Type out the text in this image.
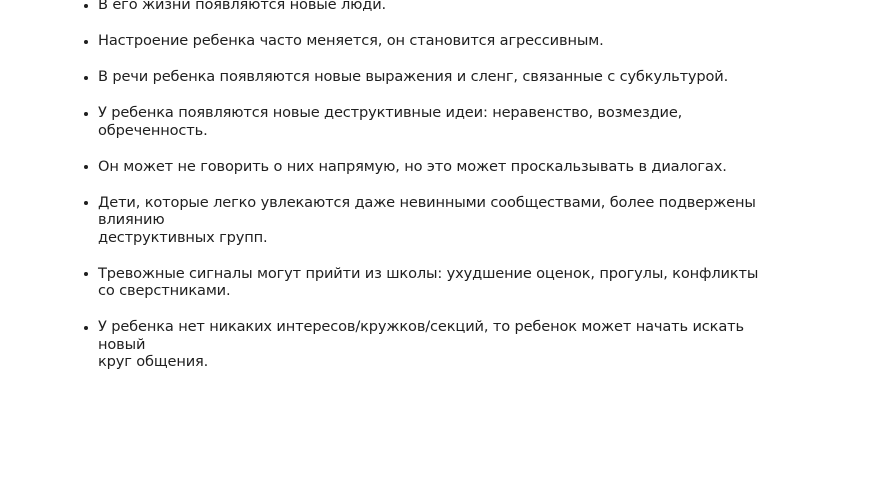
В его жизни появляются новые люди.
Настроение ребенка часто меняется, он становится агрессивным.
В речи ребенка появляются новые выражения и сленг, связанные с субкультурой.
У ребенка появляются новые деструктивные идеи: неравенство, возмездие, обреченность.
Он может не говорить о них напрямую, но это может проскальзывать в диалогах.
Дети, которые легко увлекаются даже невинными сообществами, более подвержены влиянию
деструктивных групп.
Тревожные сигналы могут прийти из школы: ухудшение оценок, прогулы, конфликты
со сверстниками.
У ребенка нет никаких интересов/кружков/секций, то ребенок может начать искать новый
круг общения.
